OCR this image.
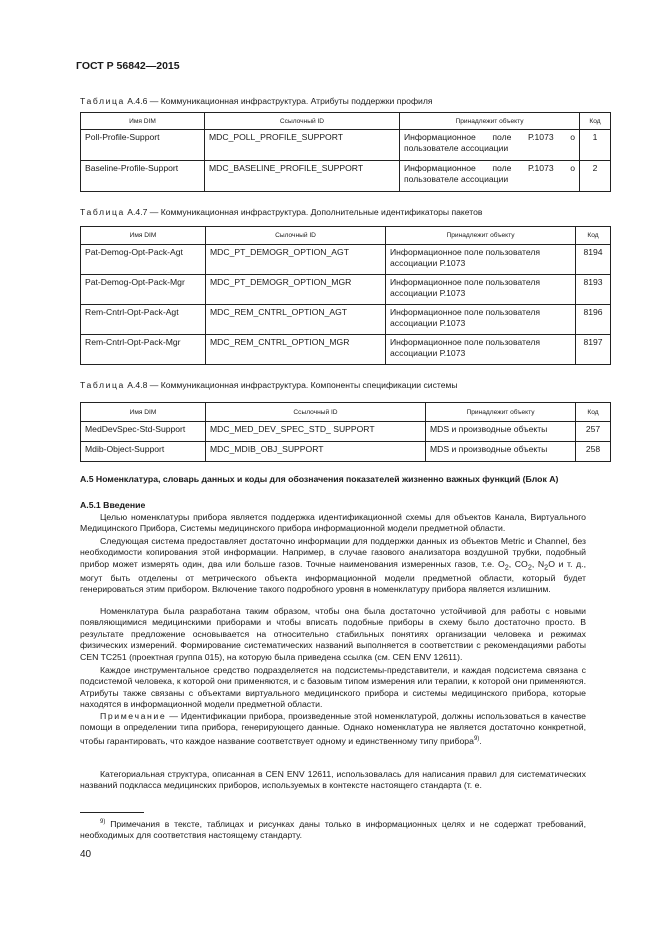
ГОСТ Р 56842—2015
Таблица А.4.6 — Коммуникационная инфраструктура. Атрибуты поддержки профиля
Имя DIM	Ссылочный ID	Принадлежит объекту	Код
Poll-Profile-Support	MDC_POLL_PROFILE_SUPPORT	Информационное поле Р.1073 о пользователе ассоциации	1
Baseline-Profile-Support	MDC_BASELINE_PROFILE_SUPPORT	Информационное поле Р.1073 о пользователе ассоциации	2
Таблица А.4.7 — Коммуникационная инфраструктура. Дополнительные идентификаторы пакетов
Имя DIM	Сылочный ID	Принадлежит объекту	Код
Pat-Demog-Opt-Pack-Agt	MDC_PT_DEMOGR_OPTION_AGT	Информационное поле пользователя ассоциации Р.1073	8194
Pat-Demog-Opt-Pack-Mgr	MDC_PT_DEMOGR_OPTION_MGR	Информационное поле пользователя ассоциации Р.1073	8193
Rem-Cntrl-Opt-Pack-Agt	MDC_REM_CNTRL_OPTION_AGT	Информационное поле пользователя ассоциации Р.1073	8196
Rem-Cntrl-Opt-Pack-Mgr	MDC_REM_CNTRL_OPTION_MGR	Информационное поле пользователя ассоциации Р.1073	8197
Таблица А.4.8 — Коммуникационная инфраструктура. Компоненты спецификации системы
Имя DIM	Ссылочный ID	Принадлежит объекту	Код
MedDevSpec-Std-Support	MDC_MED_DEV_SPEC_STD_ SUPPORT	MDS и производные объекты	257
Mdib-Object-Support	MDC_MDIB_OBJ_SUPPORT	MDS и производные объекты	258
А.5 Номенклатура, словарь данных и коды для обозначения показателей жизненно важных функций (Блок А)
А.5.1 Введение
Целью номенклатуры прибора является поддержка идентификационной схемы для объектов Канала, Виртуального Медицинского Прибора, Системы медицинского прибора информационной модели предметной области.
Следующая система предоставляет достаточно информации для поддержки данных из объектов Metric и Channel, без необходимости копирования этой информации. Например, в случае газового анализатора воздушной трубки, подобный прибор может измерять один, два или больше газов. Точные наименования измеренных газов, т.е. $O_2$, $CO_2$, $N_2O$ и т. д., могут быть отделены от метрического объекта информационной модели предметной области, который будет генерироваться этим прибором. Включение такого подробного уровня в номенклатуру прибора является излишним.
Номенклатура была разработана таким образом, чтобы она была достаточно устойчивой для работы с новыми появляющимися медицинскими приборами и чтобы вписать подобные приборы в схему было достаточно просто. В результате предложение основывается на относительно стабильных понятиях организации человека и режимах физических измерений. Формирование систематических названий выполняется в соответствии с рекомендациями работы CEN TC251 (проектная группа 015), на которую была приведена ссылка (см. CEN ENV 12611).
Каждое инструментальное средство подразделяется на подсистемы-представители, и каждая подсистема связана с подсистемой человека, к которой они применяются, и с базовым типом измерения или терапии, к которой они применяются. Атрибуты также связаны с объектами виртуального медицинского прибора и системы медицинского прибора, которые находятся в информационной модели предметной области.
Примечание — Идентификации прибора, произведенные этой номенклатурой, должны использоваться в качестве помощи в определении типа прибора, генерирующего данные. Однако номенклатура не является достаточно конкретной, чтобы гарантировать, что каждое название соответствует одному и единственному типу прибора$^{9)}$.
Категориальная структура, описанная в CEN ENV 12611, использовалась для написания правил для систематических названий подкласса медицинских приборов, используемых в контексте настоящего стандарта (т. е.
$^{9)}$ Примечания в тексте, таблицах и рисунках даны только в информационных целях и не содержат требований, необходимых для соответствия настоящему стандарту.
40
